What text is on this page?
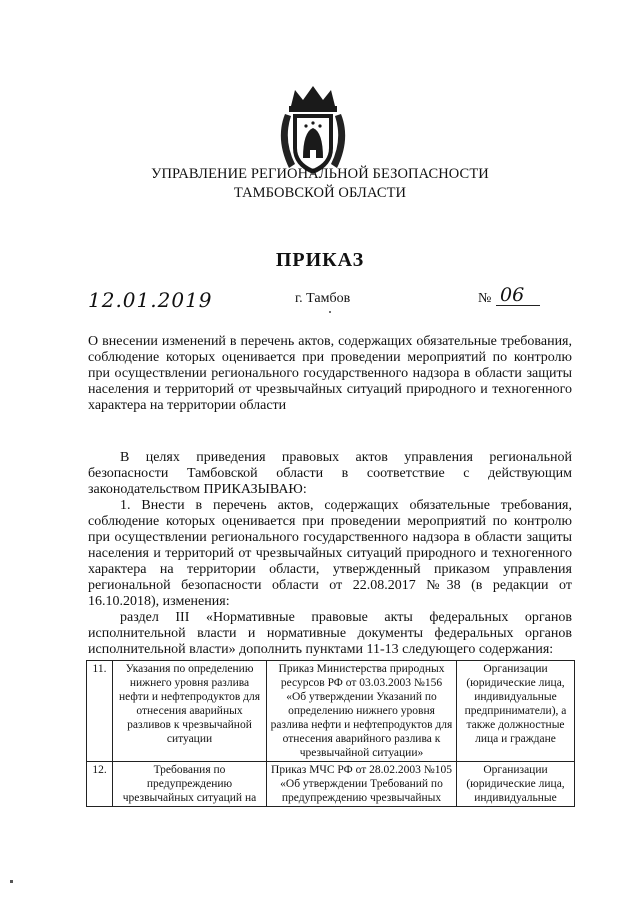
УПРАВЛЕНИЕ РЕГИОНАЛЬНОЙ БЕЗОПАСНОСТИ
ТАМБОВСКОЙ ОБЛАСТИ
ПРИКАЗ
12.01.2019	г. Тамбов	№ 06
О внесении изменений в перечень актов, содержащих обязательные требования, соблюдение которых оценивается при проведении мероприятий по контролю при осуществлении регионального государственного надзора в области защиты населения и территорий от чрезвычайных ситуаций природного и техногенного характера на территории области

В целях приведения правовых актов управления региональной безопасности Тамбовской области в соответствие с действующим законодательством ПРИКАЗЫВАЮ:

1. Внести в перечень актов, содержащих обязательные требования, соблюдение которых оценивается при проведении мероприятий по контролю при осуществлении регионального государственного надзора в области защиты населения и территорий от чрезвычайных ситуаций природного и техногенного характера на территории области, утвержденный приказом управления региональной безопасности области от 22.08.2017 №38 (в редакции от 16.10.2018), изменения:

раздел III «Нормативные правовые акты федеральных органов исполнительной власти и нормативные документы федеральных органов исполнительной власти» дополнить пунктами 11-13 следующего содержания:

11.	Указания по определению нижнего уровня разлива нефти и нефтепродуктов для отнесения аварийных разливов к чрезвычайной ситуации	Приказ Министерства природных ресурсов РФ от 03.03.2003 №156 «Об утверждении Указаний по определению нижнего уровня разлива нефти и нефтепродуктов для отнесения аварийного разлива к чрезвычайной ситуации»	Организации (юридические лица, индивидуальные предприниматели), а также должностные лица и граждане
12.	Требования по предупреждению чрезвычайных ситуаций на	Приказ МЧС РФ от 28.02.2003 №105 «Об утверждении Требований по предупреждению чрезвычайных	Организации (юридические лица, индивидуальные
